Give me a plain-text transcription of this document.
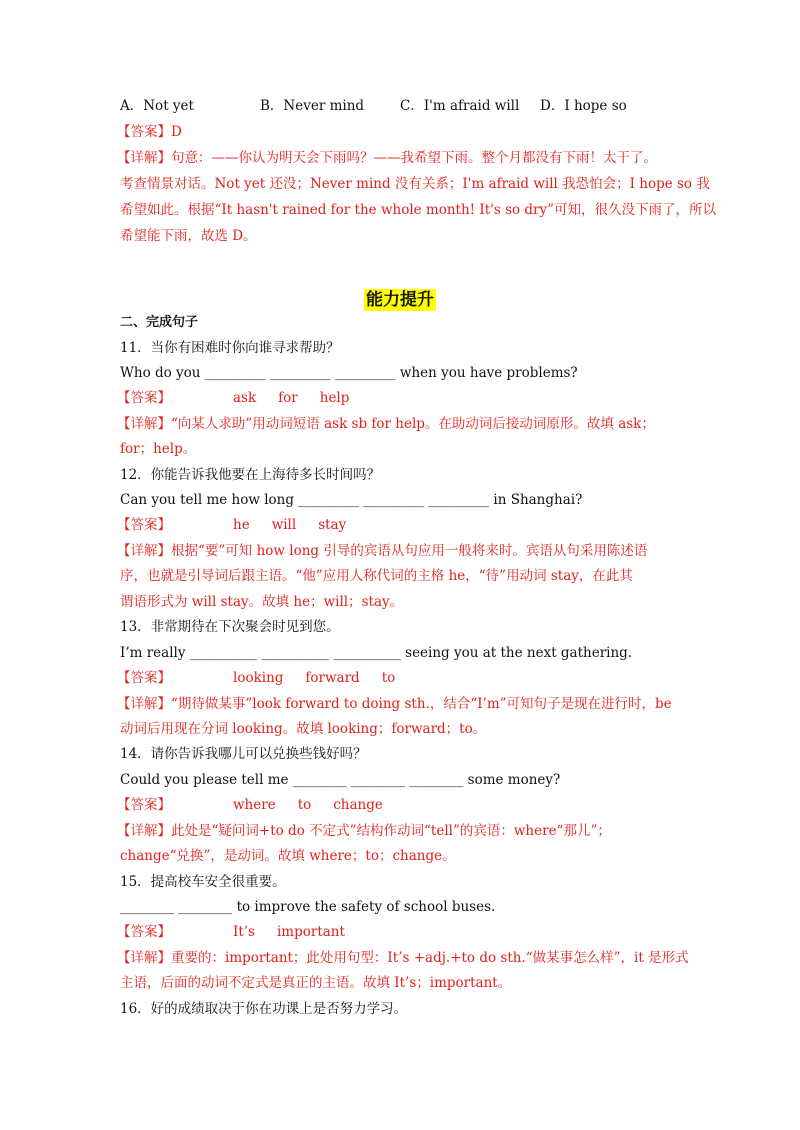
A．Not yet	B．Never mind	C．I'm afraid will D．I hope so
【答案】D
【详解】句意：——你认为明天会下雨吗？——我希望下雨。整个月都没有下雨！太干了。
考查情景对话。Not yet 还没；Never mind 没有关系；I'm afraid will 我恐怕会；I hope so 我
希望如此。根据“It hasn't rained for the whole month! It's so dry”可知，很久没下雨了，所以
希望能下雨，故选 D。
能力提升
二、完成句子
11．当你有困难时你向谁寻求帮助？
Who do you _________ _________ _________ when you have problems?
【答案】	ask for help
【详解】“向某人求助”用动词短语 ask sb for help。在助动词后接动词原形。故填 ask；
for；help。
12．你能告诉我他要在上海待多长时间吗？
Can you tell me how long _________ _________ _________ in Shanghai?
【答案】	he will stay
【详解】根据“要”可知 how long 引导的宾语从句应用一般将来时。宾语从句采用陈述语
序，也就是引导词后跟主语。“他”应用人称代词的主格 he，“待”用动词 stay，在此其
谓语形式为 will stay。故填 he；will；stay。
13．非常期待在下次聚会时见到您。
I’m really __________ __________ __________ seeing you at the next gathering.
【答案】	looking forward to
【详解】“期待做某事”look forward to doing sth.，结合“I’m”可知句子是现在进行时，be
动词后用现在分词 looking。故填 looking；forward；to。
14．请你告诉我哪儿可以兑换些钱好吗？
Could you please tell me ________ ________ ________ some money?
【答案】	where to change
【详解】此处是“疑问词+to do 不定式”结构作动词“tell”的宾语：where“那儿”；
change“兑换”，是动词。故填 where；to；change。
15．提高校车安全很重要。
________ ________ to improve the safety of school buses.
【答案】	It’s important
【详解】重要的：important；此处用句型：It’s +adj.+to do sth.“做某事怎么样”，it 是形式
主语，后面的动词不定式是真正的主语。故填 It’s；important。
16．好的成绩取决于你在功课上是否努力学习。
